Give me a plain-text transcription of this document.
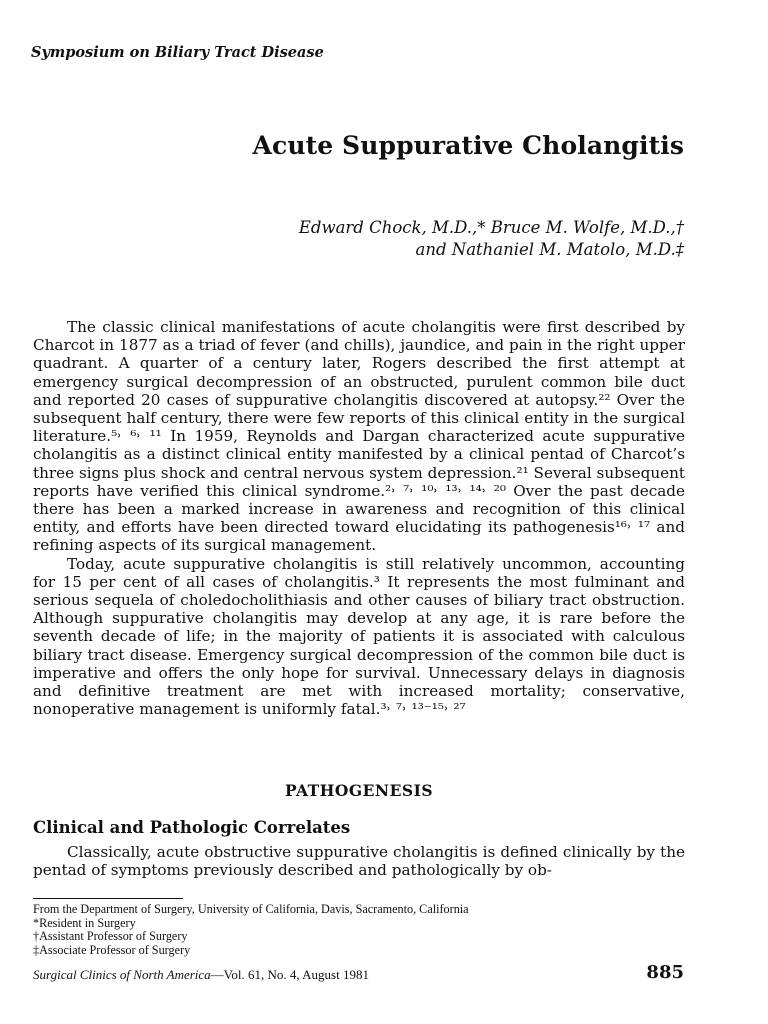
Symposium on Biliary Tract Disease
Acute Suppurative Cholangitis
Edward Chock, M.D.,* Bruce M. Wolfe, M.D.,†
and Nathaniel M. Matolo, M.D.‡

The classic clinical manifestations of acute cholangitis were first described by Charcot in 1877 as a triad of fever (and chills), jaundice, and pain in the right upper quadrant. A quarter of a century later, Rogers described the first attempt at emergency surgical decompression of an obstructed, purulent common bile duct and reported 20 cases of suppurative cholangitis discovered at autopsy.²² Over the subsequent half century, there were few reports of this clinical entity in the surgical literature.⁵˒ ⁶˒ ¹¹ In 1959, Reynolds and Dargan characterized acute suppurative cholangitis as a distinct clinical entity manifested by a clinical pentad of Charcot’s three signs plus shock and central nervous system depression.²¹ Several subsequent reports have verified this clinical syndrome.²˒ ⁷˒ ¹⁰˒ ¹³˒ ¹⁴˒ ²⁰ Over the past decade there has been a marked increase in awareness and recognition of this clinical entity, and efforts have been directed toward elucidating its pathogenesis¹⁶˒ ¹⁷ and refining aspects of its surgical management.

Today, acute suppurative cholangitis is still relatively uncommon, accounting for 15 per cent of all cases of cholangitis.³ It represents the most fulminant and serious sequela of choledocholithiasis and other causes of biliary tract obstruction. Although suppurative cholangitis may develop at any age, it is rare before the seventh decade of life; in the majority of patients it is associated with calculous biliary tract disease. Emergency surgical decompression of the common bile duct is imperative and offers the only hope for survival. Unnecessary delays in diagnosis and definitive treatment are met with increased mortality; conservative, nonoperative management is uniformly fatal.³˒ ⁷˒ ¹³⁻¹⁵˒ ²⁷

PATHOGENESIS
Clinical and Pathologic Correlates

Classically, acute obstructive suppurative cholangitis is defined clinically by the pentad of symptoms previously described and pathologically by ob-

From the Department of Surgery, University of California, Davis, Sacramento, California
*Resident in Surgery
†Assistant Professor of Surgery
‡Associate Professor of Surgery
Surgical Clinics of North America—Vol. 61, No. 4, August 1981	885
